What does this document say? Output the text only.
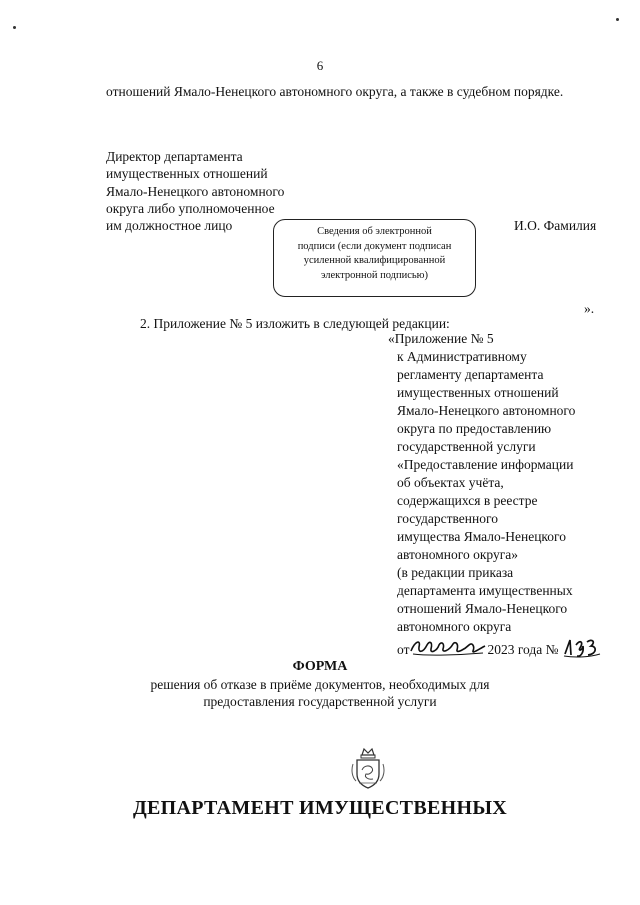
6
отношений Ямало-Ненецкого автономного округа, а также в судебном порядке.
Директор департамента
имущественных отношений
Ямало-Ненецкого автономного
округа либо уполномоченное
им должностное лицо	Сведения об электронной
подписи (если документ подписан
усиленной квалифицированной
электронной подписью)
И.О. Фамилия
».
2. Приложение № 5 изложить в следующей редакции:
«Приложение № 5
к Административному
регламенту департамента
имущественных отношений
Ямало-Ненецкого автономного
округа по предоставлению
государственной услуги
«Предоставление информации
об объектах учёта,
содержащихся в реестре
государственного
имущества Ямало-Ненецкого
автономного округа»
(в редакции приказа
департамента имущественных
отношений Ямало-Ненецкого
автономного округа
от	2023 года №
ФОРМА
решения об отказе в приёме документов, необходимых для
предоставления государственной услуги
ДЕПАРТАМЕНТ ИМУЩЕСТВЕННЫХ
